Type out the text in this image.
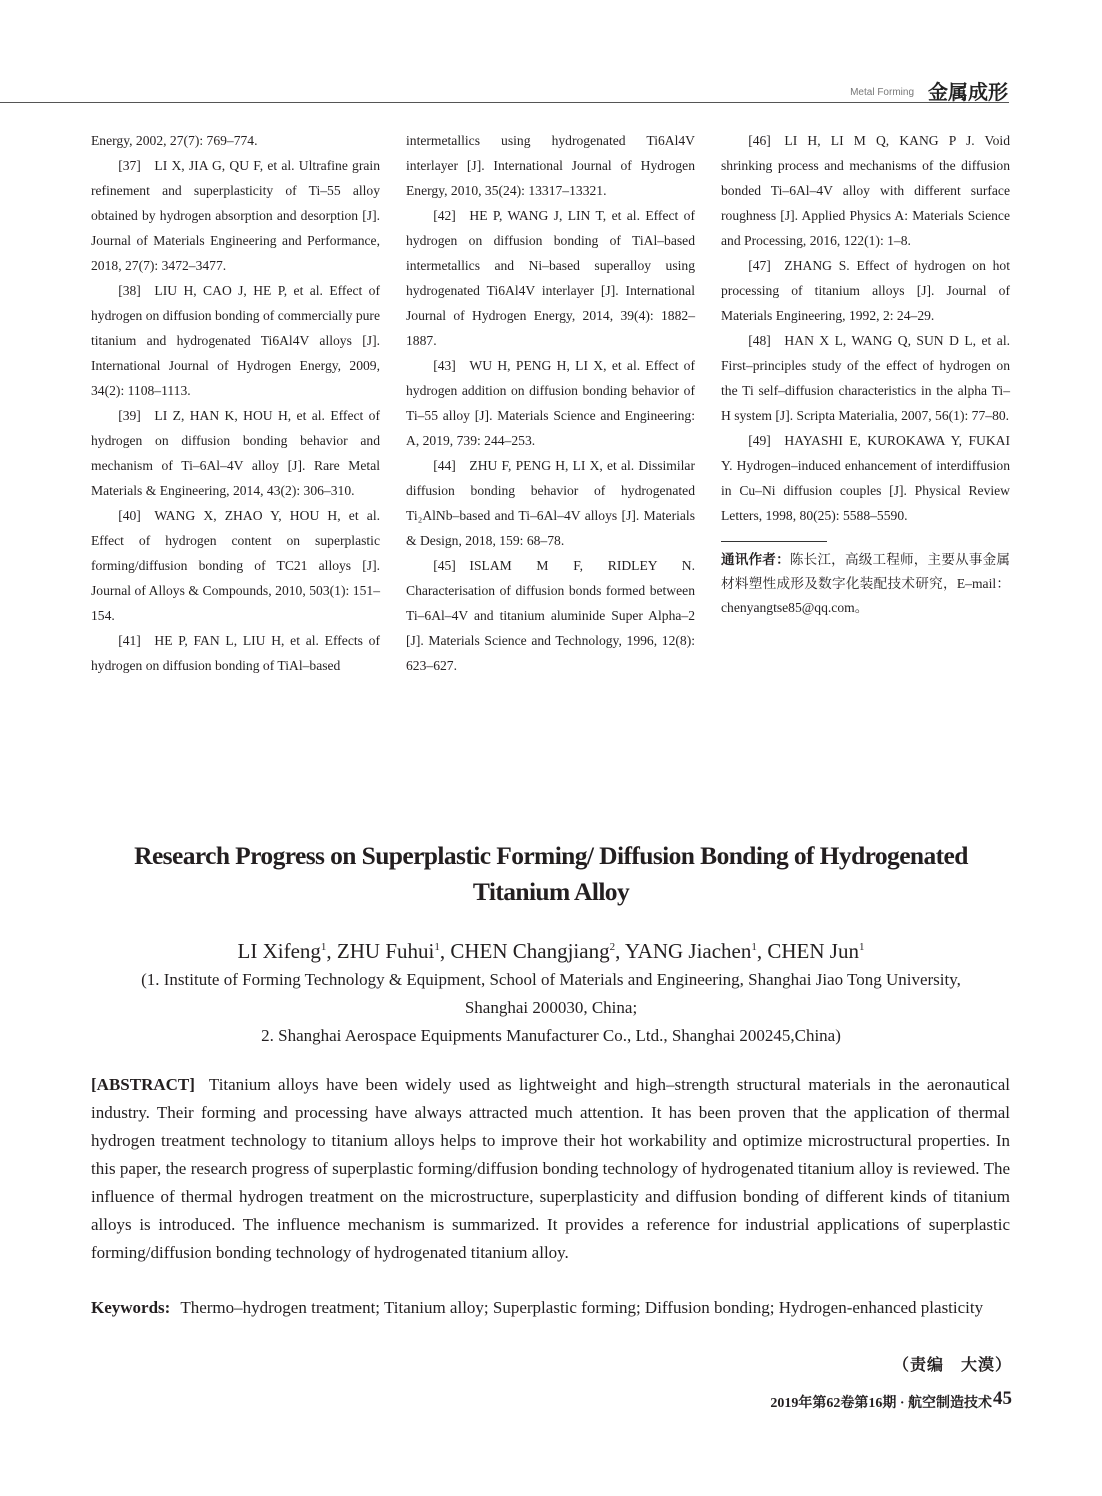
Metal Forming 金属成形

Energy, 2002, 27(7): 769–774.

[37] LI X, JIA G, QU F, et al. Ultrafine grain refinement and superplasticity of Ti–55 alloy obtained by hydrogen absorption and desorption [J]. Journal of Materials Engineering and Performance, 2018, 27(7): 3472–3477.

[38] LIU H, CAO J, HE P, et al. Effect of hydrogen on diffusion bonding of commercially pure titanium and hydrogenated Ti6Al4V alloys [J]. International Journal of Hydrogen Energy, 2009, 34(2): 1108–1113.

[39] LI Z, HAN K, HOU H, et al. Effect of hydrogen on diffusion bonding behavior and mechanism of Ti–6Al–4V alloy [J]. Rare Metal Materials & Engineering, 2014, 43(2): 306–310.

[40] WANG X, ZHAO Y, HOU H, et al. Effect of hydrogen content on superplastic forming/diffusion bonding of TC21 alloys [J]. Journal of Alloys & Compounds, 2010, 503(1): 151–154.

[41] HE P, FAN L, LIU H, et al. Effects of hydrogen on diffusion bonding of TiAl–based

intermetallics using hydrogenated Ti6Al4V interlayer [J]. International Journal of Hydrogen Energy, 2010, 35(24): 13317–13321.

[42] HE P, WANG J, LIN T, et al. Effect of hydrogen on diffusion bonding of TiAl–based intermetallics and Ni–based superalloy using hydrogenated Ti6Al4V interlayer [J]. International Journal of Hydrogen Energy, 2014, 39(4): 1882–1887.

[43] WU H, PENG H, LI X, et al. Effect of hydrogen addition on diffusion bonding behavior of Ti–55 alloy [J]. Materials Science and Engineering: A, 2019, 739: 244–253.

[44] ZHU F, PENG H, LI X, et al. Dissimilar diffusion bonding behavior of hydrogenated Ti₂AlNb–based and Ti–6Al–4V alloys [J]. Materials & Design, 2018, 159: 68–78.

[45] ISLAM M F, RIDLEY N. Characterisation of diffusion bonds formed between Ti–6Al–4V and titanium aluminide Super Alpha–2 [J]. Materials Science and Technology, 1996, 12(8): 623–627.

[46] LI H, LI M Q, KANG P J. Void shrinking process and mechanisms of the diffusion bonded Ti–6Al–4V alloy with different surface roughness [J]. Applied Physics A: Materials Science and Processing, 2016, 122(1): 1–8.

[47] ZHANG S. Effect of hydrogen on hot processing of titanium alloys [J]. Journal of Materials Engineering, 1992, 2: 24–29.

[48] HAN X L, WANG Q, SUN D L, et al. First–principles study of the effect of hydrogen on the Ti self–diffusion characteristics in the alpha Ti–H system [J]. Scripta Materialia, 2007, 56(1): 77–80.

[49] HAYASHI E, KUROKAWA Y, FUKAI Y. Hydrogen–induced enhancement of interdiffusion in Cu–Ni diffusion couples [J]. Physical Review Letters, 1998, 80(25): 5588–5590.

通讯作者：陈长江，高级工程师，主要从事金属材料塑性成形及数字化装配技术研究，E–mail：chenyangtse85@qq.com。

Research Progress on Superplastic Forming/ Diffusion Bonding of Hydrogenated
Titanium Alloy
LI Xifeng$^1$, ZHU Fuhui$^1$, CHEN Changjiang$^2$, YANG Jiachen$^1$, CHEN Jun$^1$
(1. Institute of Forming Technology & Equipment, School of Materials and Engineering, Shanghai Jiao Tong University,
Shanghai 200030, China;
2. Shanghai Aerospace Equipments Manufacturer Co., Ltd., Shanghai 200245,China)

[ABSTRACT] Titanium alloys have been widely used as lightweight and high–strength structural materials in the aeronautical industry. Their forming and processing have always attracted much attention. It has been proven that the application of thermal hydrogen treatment technology to titanium alloys helps to improve their hot workability and optimize microstructural properties. In this paper, the research progress of superplastic forming/diffusion bonding technology of hydrogenated titanium alloy is reviewed. The influence of thermal hydrogen treatment on the microstructure, superplasticity and diffusion bonding of different kinds of titanium alloys is introduced. The influence mechanism is summarized. It provides a reference for industrial applications of superplastic forming/diffusion bonding technology of hydrogenated titanium alloy.

Keywords: Thermo–hydrogen treatment; Titanium alloy; Superplastic forming; Diffusion bonding; Hydrogen-enhanced plasticity
（责编 大漠）
2019年第62卷第16期 · 航空制造技术 45
